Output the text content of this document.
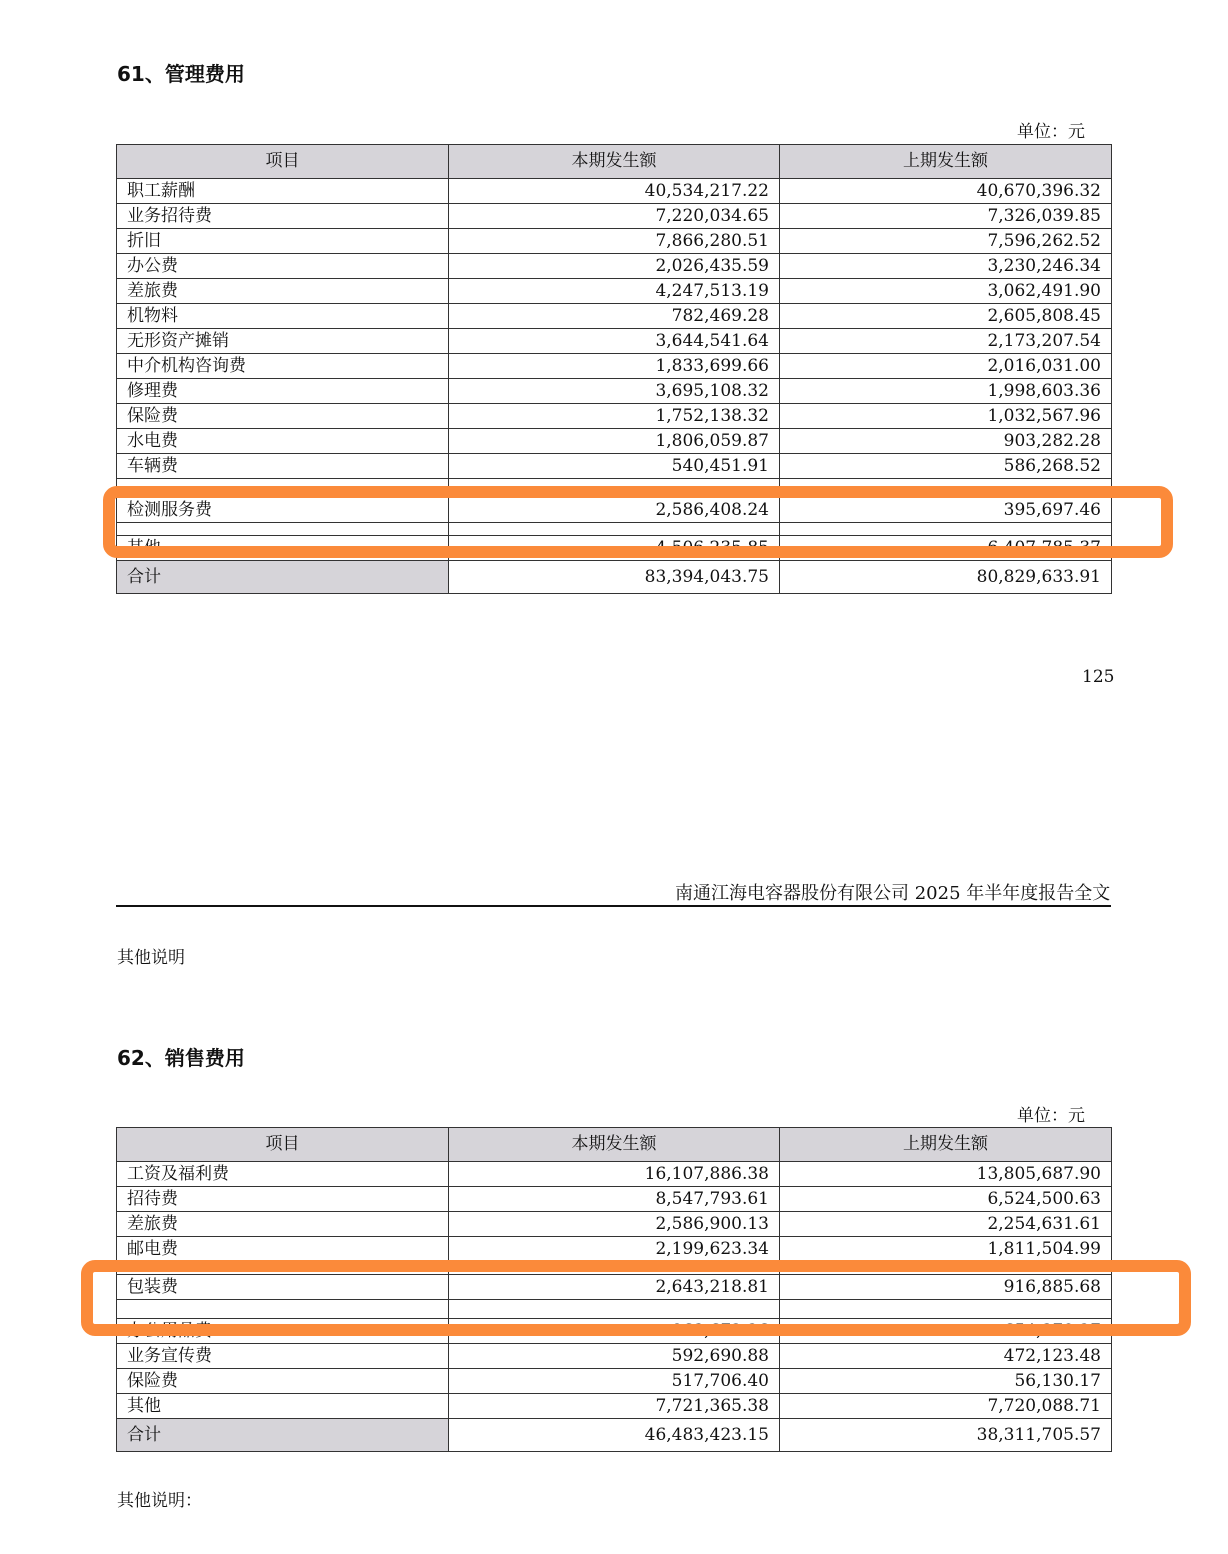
61、管理费用
单位：元
项目	本期发生额	上期发生额
职工薪酬	40,534,217.22	40,670,396.32
业务招待费	7,220,034.65	7,326,039.85
折旧	7,866,280.51	7,596,262.52
办公费	2,026,435.59	3,230,246.34
差旅费	4,247,513.19	3,062,491.90
机物料	782,469.28	2,605,808.45
无形资产摊销	3,644,541.64	2,173,207.54
中介机构咨询费	1,833,699.66	2,016,031.00
修理费	3,695,108.32	1,998,603.36
保险费	1,752,138.32	1,032,567.96
水电费	1,806,059.87	903,282.28
车辆费	540,451.91	586,268.52

检测服务费	2,586,408.24	395,697.46

其他	4,506,235.85	6,407,785.37
合计	83,394,043.75	80,829,633.91
125
南通江海电容器股份有限公司 2025 年半年度报告全文
其他说明
62、销售费用
单位：元
项目	本期发生额	上期发生额
工资及福利费	16,107,886.38	13,805,687.90
招待费	8,547,793.61	6,524,500.63
差旅费	2,586,900.13	2,254,631.61
邮电费	2,199,623.34	1,811,504.99

包装费	2,643,218.81	916,885.68

办公用品费	863,672.26	654,378.27
业务宣传费	592,690.88	472,123.48
保险费	517,706.40	56,130.17
其他	7,721,365.38	7,720,088.71
合计	46,483,423.15	38,311,705.57
其他说明：
